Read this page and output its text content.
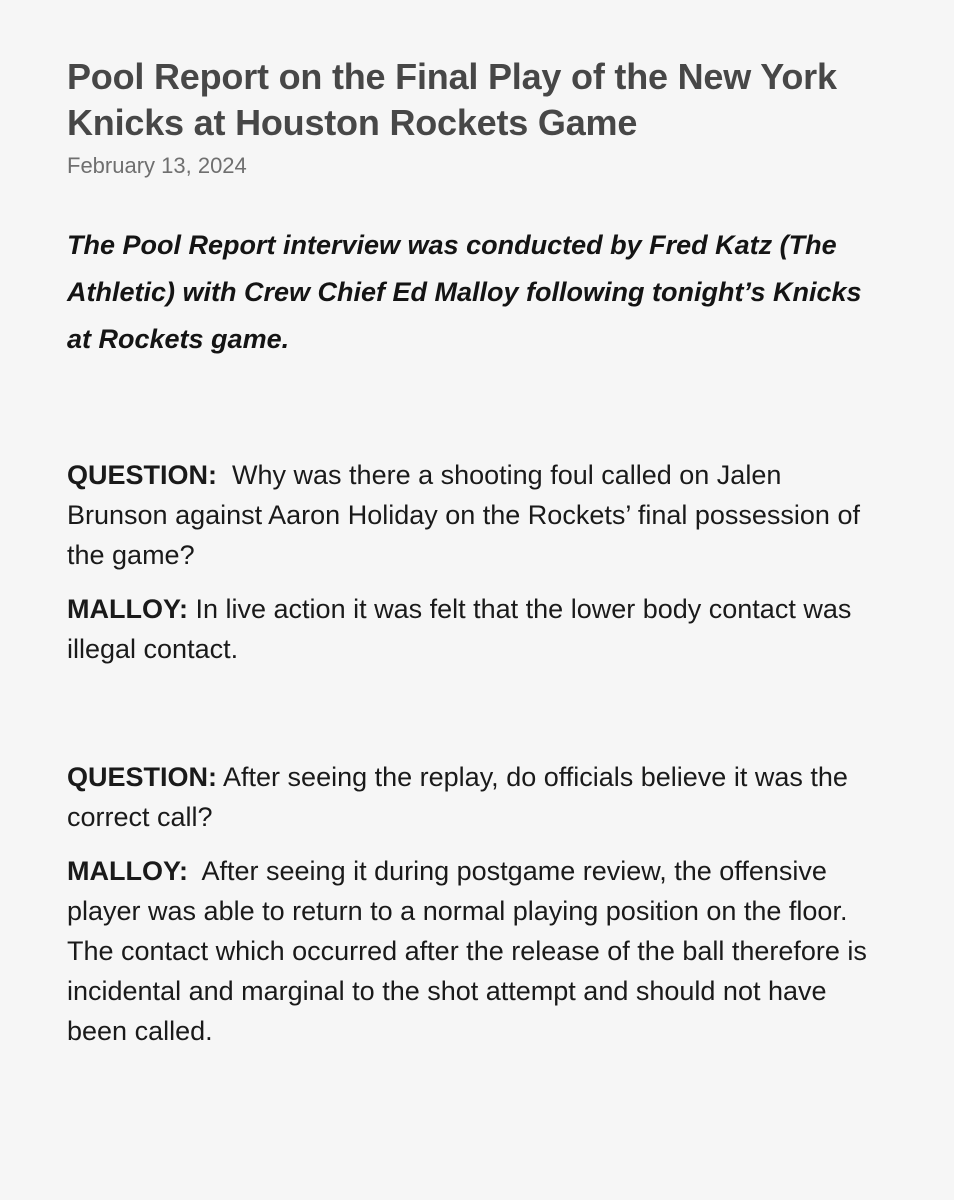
Pool Report on the Final Play of the New York Knicks at Houston Rockets Game
February 13, 2024
The Pool Report interview was conducted by Fred Katz (The Athletic) with Crew Chief Ed Malloy following tonight’s Knicks at Rockets game.

QUESTION: Why was there a shooting foul called on Jalen Brunson against Aaron Holiday on the Rockets’ final possession of the game?

MALLOY: In live action it was felt that the lower body contact was illegal contact.

QUESTION: After seeing the replay, do officials believe it was the correct call?

MALLOY: After seeing it during postgame review, the offensive player was able to return to a normal playing position on the floor. The contact which occurred after the release of the ball therefore is incidental and marginal to the shot attempt and should not have been called.
